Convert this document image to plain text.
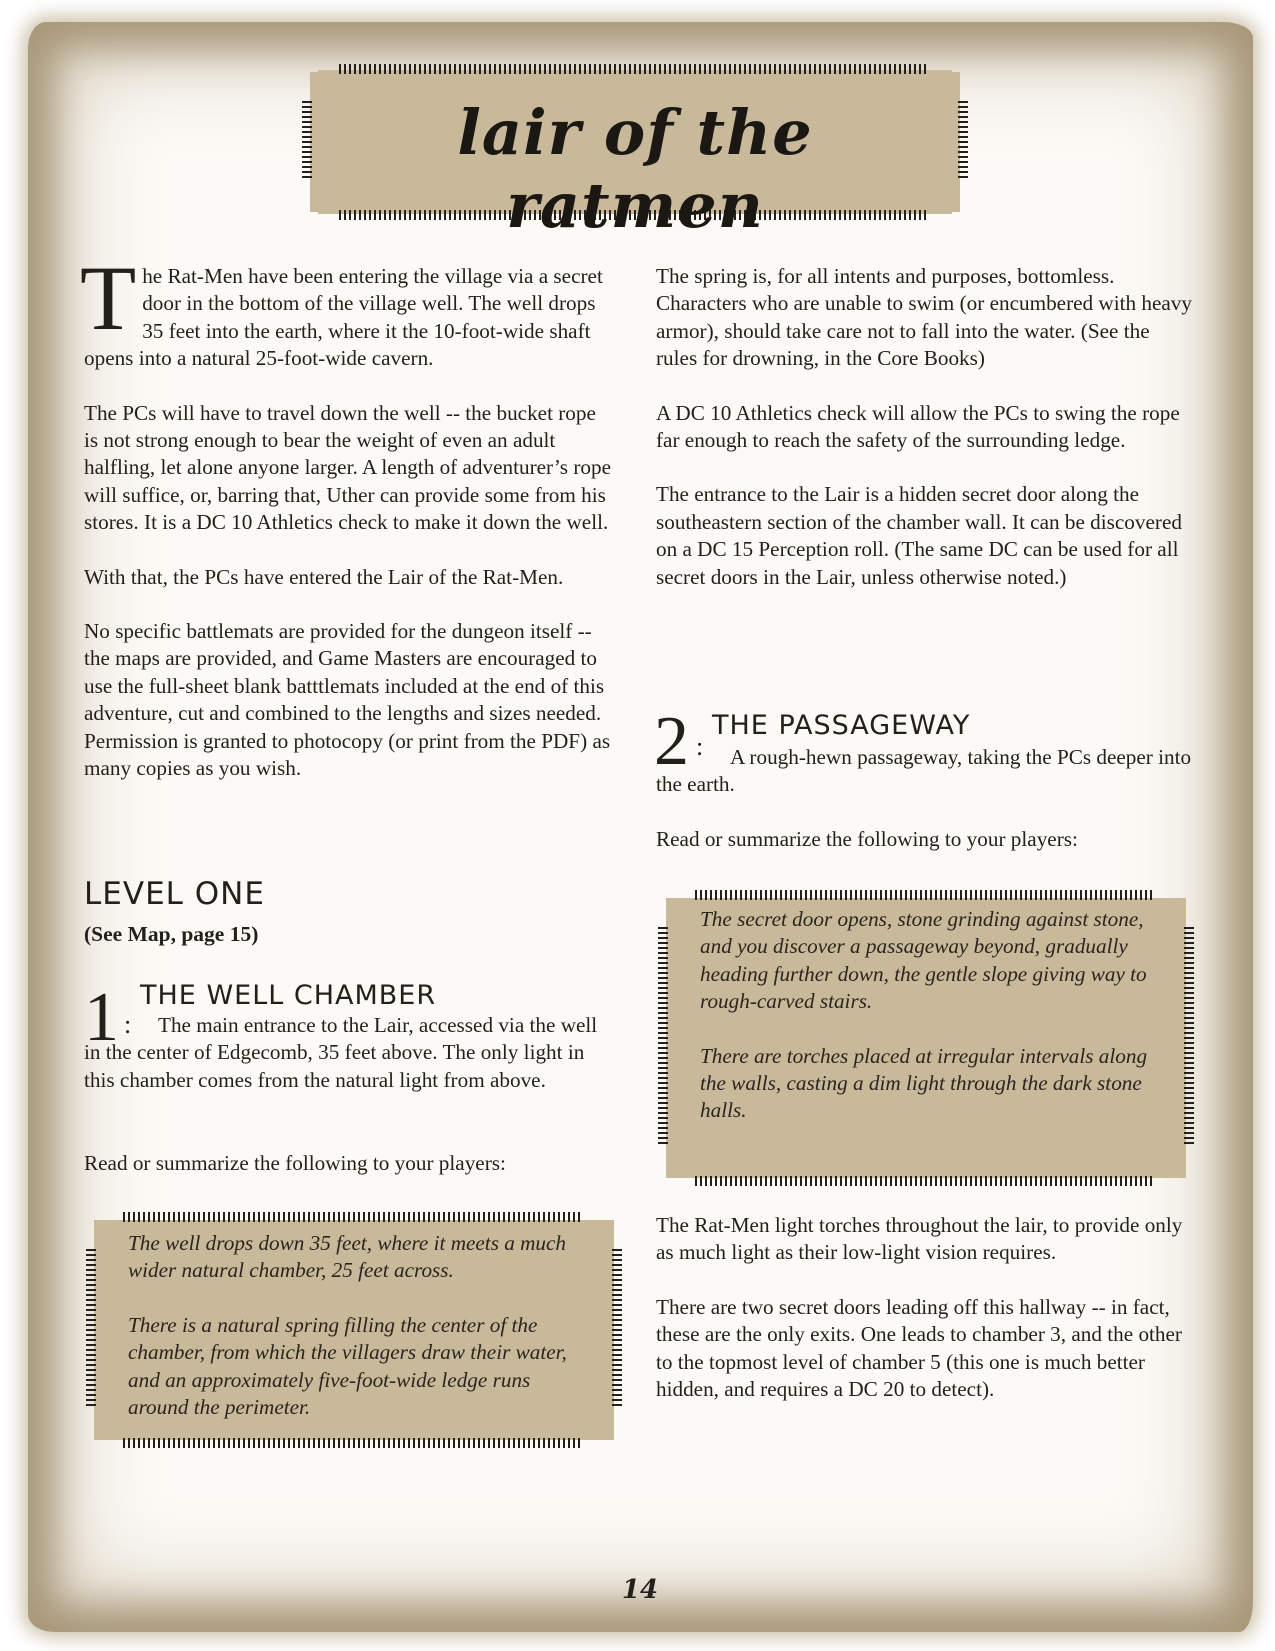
lair of the ratmen

The Rat-Men have been entering the village via a secret door in the bottom of the village well. The well drops 35 feet into the earth, where it the 10-foot-wide shaft opens into a natural 25-foot-wide cavern.

The PCs will have to travel down the well -- the bucket rope is not strong enough to bear the weight of even an adult halfling, let alone anyone larger. A length of adventurer’s rope will suffice, or, barring that, Uther can provide some from his stores. It is a DC 10 Athletics check to make it down the well.

With that, the PCs have entered the Lair of the Rat-Men.

No specific battlemats are provided for the dungeon itself --the maps are provided, and Game Masters are encouraged to use the full-sheet blank batttlemats included at the end of this adventure, cut and combined to the lengths and sizes needed. Permission is granted to photocopy (or print from the PDF) as many copies as you wish.

LEVEL ONE
(See Map, page 15)
1 :
THE WELL CHAMBER
The main entrance to the Lair, accessed via the well in the center of Edgecomb, 35 feet above. The only light in this chamber comes from the natural light from above.
Read or summarize the following to your players:

The well drops down 35 feet, where it meets a much wider natural chamber, 25 feet across.

There is a natural spring filling the center of the chamber, from which the villagers draw their water, and an approximately five-foot-wide ledge runs around the perimeter.

The spring is, for all intents and purposes, bottomless. Characters who are unable to swim (or encumbered with heavy armor), should take care not to fall into the water. (See the rules for drowning, in the Core Books)

A DC 10 Athletics check will allow the PCs to swing the rope far enough to reach the safety of the surrounding ledge.

The entrance to the Lair is a hidden secret door along the southeastern section of the chamber wall. It can be discovered on a DC 15 Perception roll. (The same DC can be used for all secret doors in the Lair, unless otherwise noted.)

2 :
THE PASSAGEWAY
A rough-hewn passageway, taking the PCs deeper into the earth.
Read or summarize the following to your players:

The secret door opens, stone grinding against stone, and you discover a passageway beyond, gradually heading further down, the gentle slope giving way to rough-carved stairs.

There are torches placed at irregular intervals along the walls, casting a dim light through the dark stone halls.

The Rat-Men light torches throughout the lair, to provide only as much light as their low-light vision requires.
There are two secret doors leading off this hallway -- in fact, these are the only exits. One leads to chamber 3, and the other to the topmost level of chamber 5 (this one is much better hidden, and requires a DC 20 to detect).
14
